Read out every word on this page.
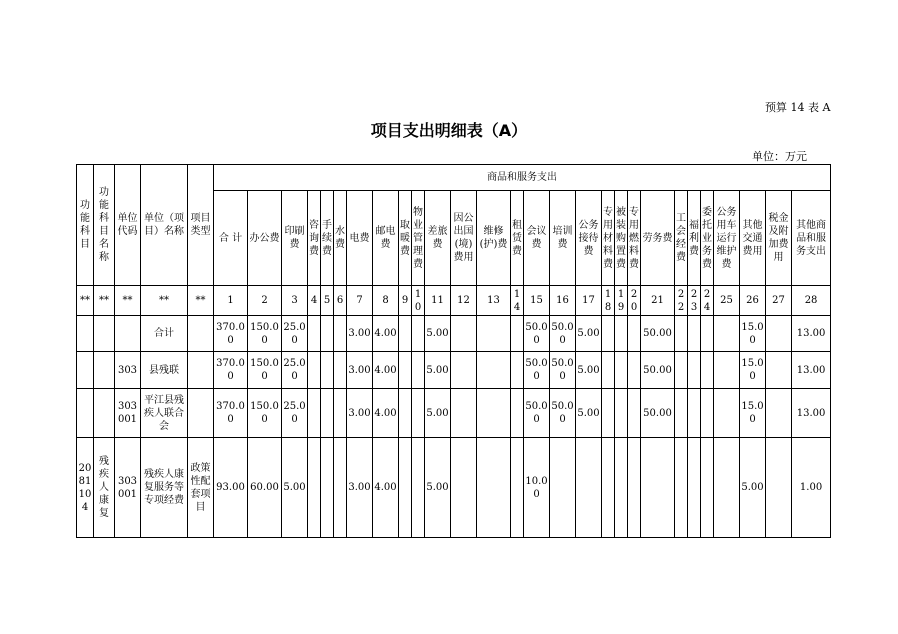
预算 14 表 A
项目支出明细表（A）
单位：万元
功能科目	功能科目名称	单位代码	单位（项目）名称	项目类型	商品和服务支出																											

					合 计	办公费	印刷费	咨询费	手续费	水费	电费	邮电费	取暖费	物业管理费	差旅费	因公出国(境)费用	维修(护)费	租赁费	会议费	培训费	公务接待费	专用材料费	被装购置费	专用燃料费	劳务费	工会经费	福利费	委托业务费	公务用车运行维护费	其他交通费用	税金及附加费用	其他商品和服务支出

**	**	**	**	**	1	2	3	4	5	6	7	8	9	10	11	12	13	14	15	16	17	18	19	20	21	22	23	24	25	26	27	28

			合计		370.00	150.00	25.00				3.00	4.00			5.00				50.00	50.00	5.00				50.00					15.00		13.00

		303	县残联		370.00	150.00	25.00				3.00	4.00			5.00				50.00	50.00	5.00				50.00					15.00		13.00

		303001	平江县残疾人联合会		370.00	150.00	25.00				3.00	4.00			5.00				50.00	50.00	5.00				50.00					15.00		13.00

2081104	残疾人康复	303001	残疾人康复服务等专项经费	政策性配套项目	93.00	60.00	5.00				3.00	4.00			5.00				10.00											5.00		1.00
